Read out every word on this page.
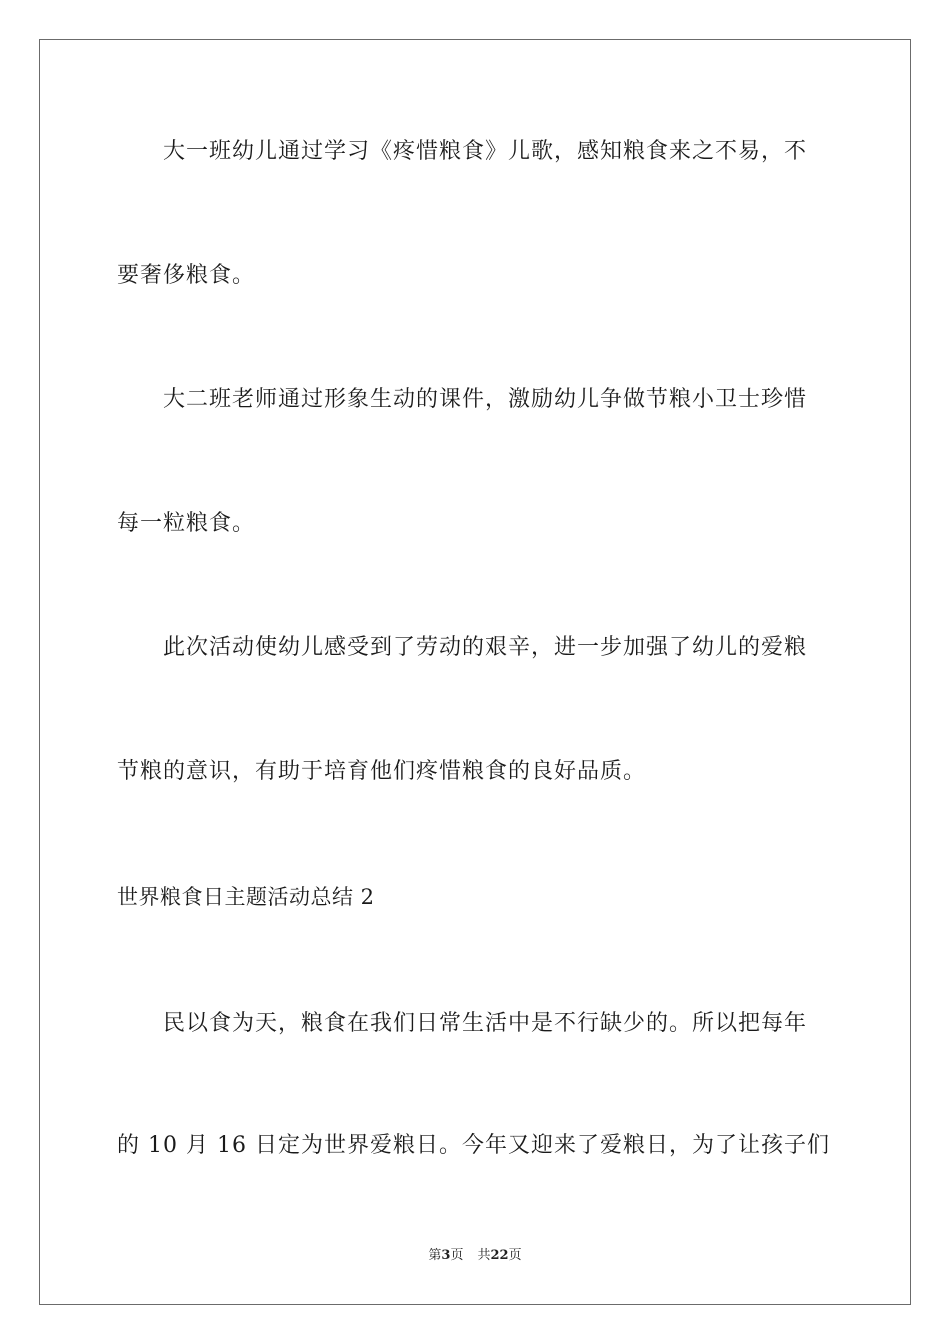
大一班幼儿通过学习《疼惜粮食》儿歌，感知粮食来之不易，不
要奢侈粮食。
大二班老师通过形象生动的课件，激励幼儿争做节粮小卫士珍惜
每一粒粮食。
此次活动使幼儿感受到了劳动的艰辛，进一步加强了幼儿的爱粮
节粮的意识，有助于培育他们疼惜粮食的良好品质。
世界粮食日主题活动总结 2
民以食为天，粮食在我们日常生活中是不行缺少的。所以把每年
的 10 月 16 日定为世界爱粮日。今年又迎来了爱粮日，为了让孩子们
第3页 共22页
